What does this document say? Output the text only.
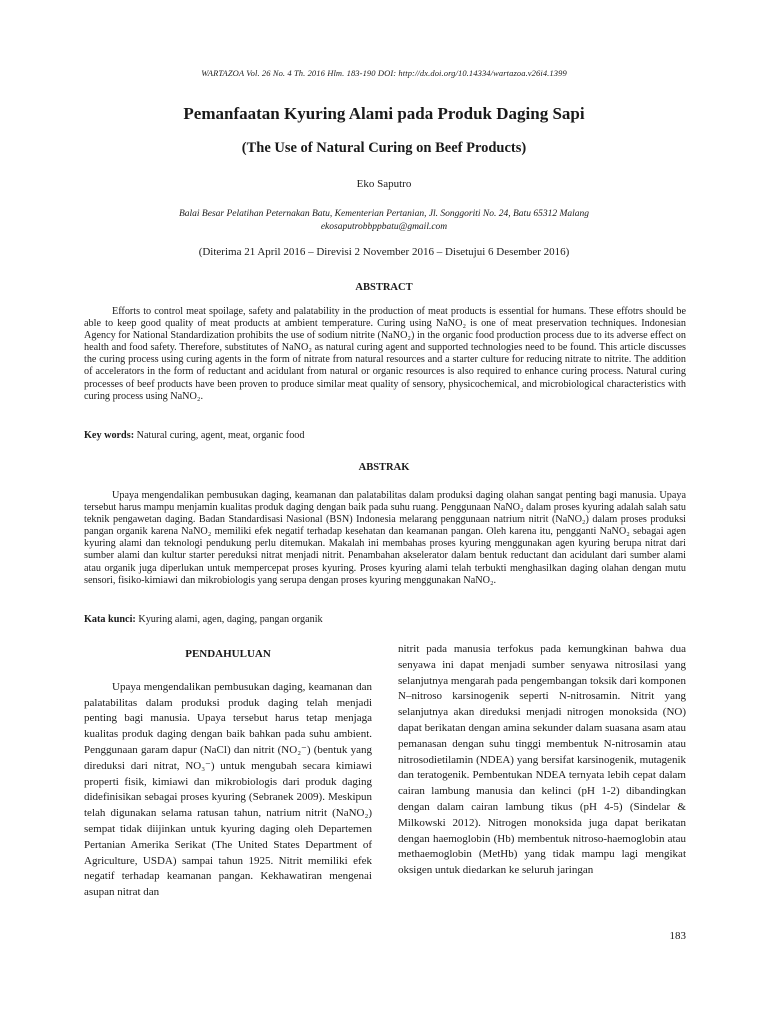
WARTAZOA Vol. 26 No. 4 Th. 2016 Hlm. 183-190 DOI: http://dx.doi.org/10.14334/wartazoa.v26i4.1399
Pemanfaatan Kyuring Alami pada Produk Daging Sapi
(The Use of Natural Curing on Beef Products)
Eko Saputro
Balai Besar Pelatihan Peternakan Batu, Kementerian Pertanian, Jl. Songgoriti No. 24, Batu 65312 Malang
ekosaputrobbppbatu@gmail.com
(Diterima 21 April 2016 – Direvisi 2 November 2016 – Disetujui 6 Desember 2016)
ABSTRACT

Efforts to control meat spoilage, safety and palatability in the production of meat products is essential for humans. These effotrs should be able to keep good quality of meat products at ambient temperature. Curing using NaNO₂ is one of meat preservation techniques. Indonesian Agency for National Standardization prohibits the use of sodium nitrite (NaNO₂) in the organic food production process due to its adverse effect on health and food safety. Therefore, substitutes of NaNO₂ as natural curing agent and supported technologies need to be found. This article discusses the curing process using curing agents in the form of nitrate from natural resources and a starter culture for reducing nitrate to nitrite. The addition of accelerators in the form of reductant and acidulant from natural or organic resources is also required to enhance curing process. Natural curing processes of beef products have been proven to produce similar meat quality of sensory, physicochemical, and microbiological characteristics with curing process using NaNO₂.

Key words: Natural curing, agent, meat, organic food

ABSTRAK

Upaya mengendalikan pembusukan daging, keamanan dan palatabilitas dalam produksi daging olahan sangat penting bagi manusia. Upaya tersebut harus mampu menjamin kualitas produk daging dengan baik pada suhu ruang. Penggunaan NaNO₂ dalam proses kyuring adalah salah satu teknik pengawetan daging. Badan Standardisasi Nasional (BSN) Indonesia melarang penggunaan natrium nitrit (NaNO₂) dalam proses produksi pangan organik karena NaNO₂ memiliki efek negatif terhadap kesehatan dan keamanan pangan. Oleh karena itu, pengganti NaNO₂ sebagai agen kyuring alami dan teknologi pendukung perlu ditemukan. Makalah ini membahas proses kyuring menggunakan agen kyuring berupa nitrat dari sumber alami dan kultur starter pereduksi nitrat menjadi nitrit. Penambahan akselerator dalam bentuk reductant dan acidulant dari sumber alami atau organik juga diperlukan untuk mempercepat proses kyuring. Proses kyuring alami telah terbukti menghasilkan daging olahan dengan mutu sensori, fisiko-kimiawi dan mikrobiologis yang serupa dengan proses kyuring menggunakan NaNO₂.

Kata kunci: Kyuring alami, agen, daging, pangan organik

PENDAHULUAN

Upaya mengendalikan pembusukan daging, keamanan dan palatabilitas dalam produksi produk daging telah menjadi penting bagi manusia. Upaya tersebut harus tetap menjaga kualitas produk daging dengan baik bahkan pada suhu ambient. Penggunaan garam dapur (NaCl) dan nitrit (NO₂⁻) (bentuk yang direduksi dari nitrat, NO₃⁻) untuk mengubah secara kimiawi properti fisik, kimiawi dan mikrobiologis dari produk daging didefinisikan sebagai proses kyuring (Sebranek 2009). Meskipun telah digunakan selama ratusan tahun, natrium nitrit (NaNO₂) sempat tidak diijinkan untuk kyuring daging oleh Departemen Pertanian Amerika Serikat (The United States Department of Agriculture, USDA) sampai tahun 1925. Nitrit memiliki efek negatif terhadap keamanan pangan. Kekhawatiran mengenai asupan nitrat dan

nitrit pada manusia terfokus pada kemungkinan bahwa dua senyawa ini dapat menjadi sumber senyawa nitrosilasi yang selanjutnya mengarah pada pengembangan toksik dari komponen N–nitroso karsinogenik seperti N-nitrosamin. Nitrit yang selanjutnya akan direduksi menjadi nitrogen monoksida (NO) dapat berikatan dengan amina sekunder dalam suasana asam atau pemanasan dengan suhu tinggi membentuk N-nitrosamin atau nitrosodietilamin (NDEA) yang bersifat karsinogenik, mutagenik dan teratogenik. Pembentukan NDEA ternyata lebih cepat dalam cairan lambung manusia dan kelinci (pH 1-2) dibandingkan dengan dalam cairan lambung tikus (pH 4-5) (Sindelar & Milkowski 2012). Nitrogen monoksida juga dapat berikatan dengan haemoglobin (Hb) membentuk nitroso-haemoglobin atau methaemoglobin (MetHb) yang tidak mampu lagi mengikat oksigen untuk diedarkan ke seluruh jaringan

183
